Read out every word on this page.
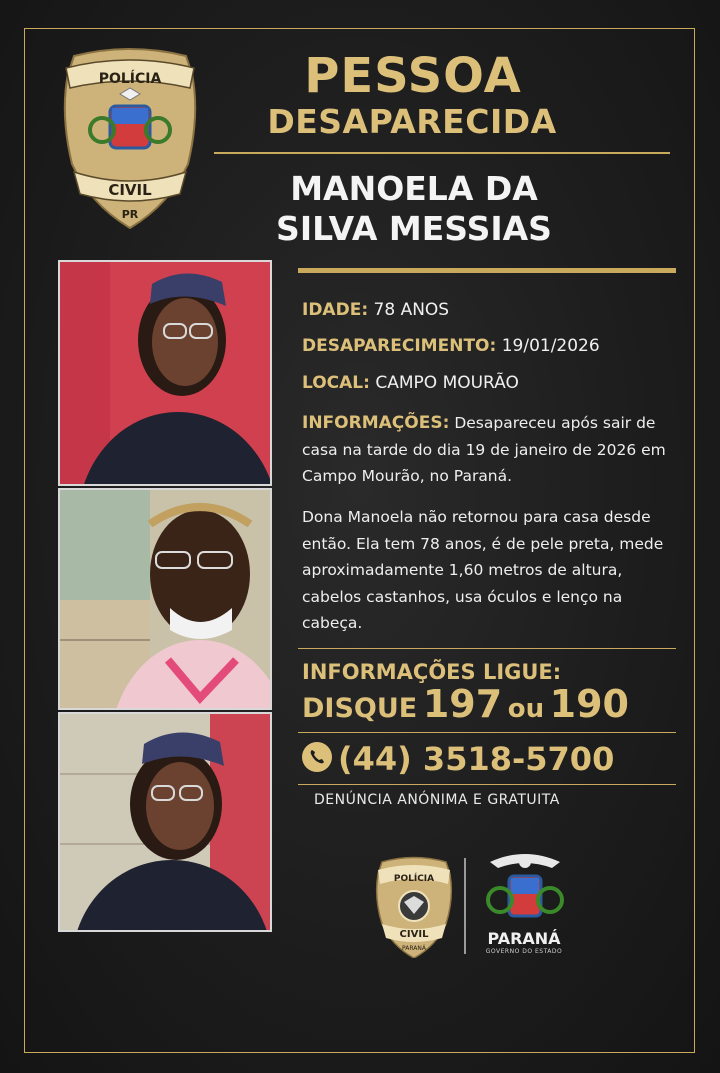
POLÍCIA
CIVIL
PR
PESSOA
DESAPARECIDA
MANOELA DA
SILVA MESSIAS
IDADE: 78 ANOS
DESAPARECIMENTO: 19/01/2026
LOCAL: CAMPO MOURÃO
INFORMAÇÕES: Desapareceu após sair de casa na tarde do dia 19 de janeiro de 2026 em Campo Mourão, no Paraná.
Dona Manoela não retornou para casa desde então. Ela tem 78 anos, é de pele preta, mede aproximadamente 1,60 metros de altura, cabelos castanhos, usa óculos e lenço na cabeça.
INFORMAÇÕES LIGUE:
DISQUE 197 ou 190
(44) 3518-5700
DENÚNCIA ANÓNIMA E GRATUITA
POLÍCIA
CIVIL
PARANÁ
PARANÁ
GOVERNO DO ESTADO
